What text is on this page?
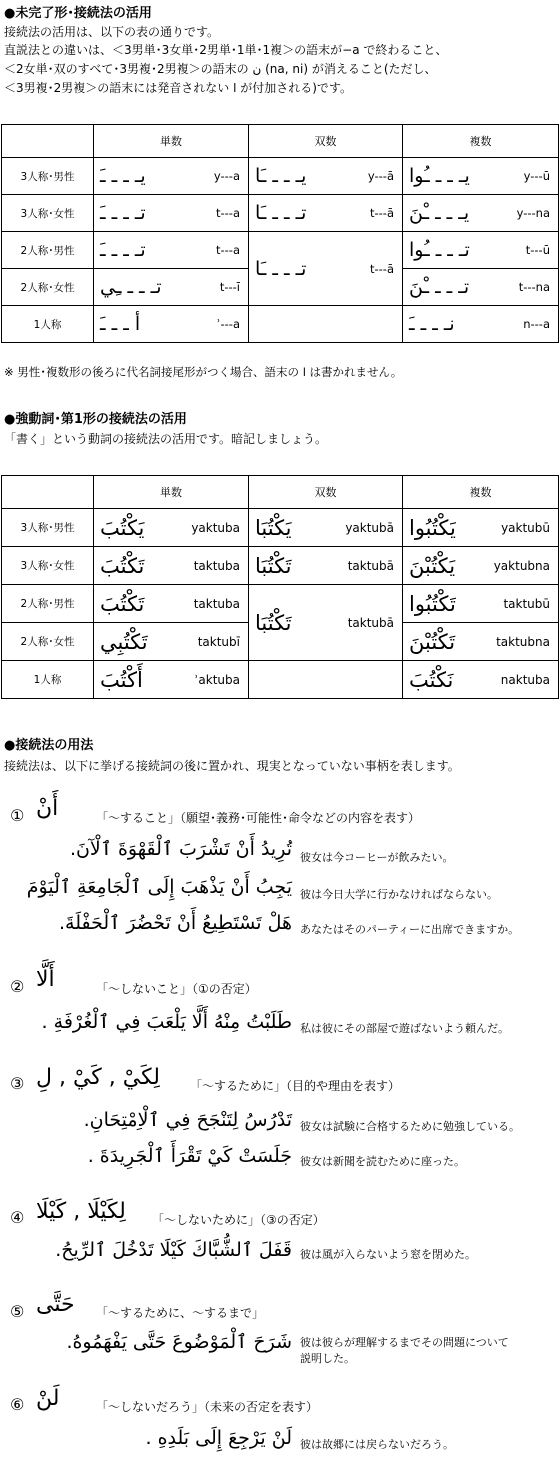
●未完了形･接続法の活用
接続法の活用は、以下の表の通りです。
直説法との違いは、＜3男単･3女単･2男単･1単･1複＞の語末が−a で終わること、
＜2女単･双のすべて･3男複･2男複＞の語末の ن (na, ni) が消えること(ただし、
＜3男複･2男複＞の語末には発音されない ا が付加される)です。
	単数	双数	複数
3人称･男性	يـ ـ ـ ـَ y---a	يـ ـ ـ ـَا y---ā	يـ ـ ـ ـُوا y---ū

3人称･女性	تـ ـ ـ ـَ t---a	تـ ـ ـ ـَا t---ā	يـ ـ ـ ـْنَ y---na

2人称･男性	تـ ـ ـ ـَ t---a	تـ ـ ـ ـَا t---ā	تـ ـ ـ ـُوا t---ū

2人称･女性	تـ ـ ـ ـِي t---ī		تـ ـ ـ ـْنَ t---na

1人称	أ ـ ـ ـَ ʾ---a		نـ ـ ـ ـَ n---a
※ 男性･複数形の後ろに代名詞接尾形がつく場合、語末の ا は書かれません。
●強動詞･第1形の接続法の活用
「書く」という動詞の接続法の活用です。暗記しましょう。
	単数	双数	複数
3人称･男性	يَكْتُبَ yaktuba	يَكْتُبَا yaktubā	يَكْتُبُوا yaktubū

3人称･女性	تَكْتُبَ taktuba	تَكْتُبَا taktubā	يَكْتُبْنَ yaktubna

2人称･男性	تَكْتُبَ taktuba	تَكْتُبَا taktubā	تَكْتُبُوا taktubū

2人称･女性	تَكْتُبِي taktubī		تَكْتُبْنَ taktubna

1人称	أَكْتُبَ ʾaktuba		نَكْتُبَ naktuba
●接続法の用法
接続法は、以下に挙げる接続詞の後に置かれ、現実となっていない事柄を表します。
① أَنْ	「～すること」（願望･義務･可能性･命令などの内容を表す）
تُرِيدُ أَنْ تَشْرَبَ ٱلْقَهْوَةَ ٱلْآنَ. 彼女は今コーヒーが飲みたい。
يَجِبُ أَنْ يَذْهَبَ إِلَى ٱلْجَامِعَةِ ٱلْيَوْمَ 彼は今日大学に行かなければならない。
هَلْ تَسْتَطِيعُ أَنْ تَحْضُرَ ٱلْحَفْلَةَ. あなたはそのパーティーに出席できますか。
② أَلَّا	「～しないこと」（①の否定）
طَلَبْتُ مِنْهُ أَلَّا يَلْعَبَ فِي ٱلْغُرْفَةِ . 私は彼にその部屋で遊ばないよう頼んだ。
③ لِكَيْ , كَيْ , لِ	「～するために」（目的や理由を表す）
تَدْرُسُ لِتَنْجَحَ فِي ٱلْاِمْتِحَانِ. 彼女は試験に合格するために勉強している。
جَلَسَتْ كَيْ تَقْرَأَ ٱلْجَرِيدَةَ . 彼女は新聞を読むために座った。
④ لِكَيْلَا , كَيْلَا 「～しないために」（③の否定）
قَفَلَ ٱلشُّبَّاكَ كَيْلَا تَدْخُلَ ٱلرِّيحُ. 彼は風が入らないよう窓を閉めた。
⑤ حَتَّى 「～するために、～するまで」
شَرَحَ ٱلْمَوْضُوعَ حَتَّى يَفْهَمُوهُ. 彼は彼らが理解するまでその問題について
説明した。
⑥ لَنْ	「～しないだろう」（未来の否定を表す）
لَنْ يَرْجِعَ إِلَى بَلَدِهِ . 彼は故郷には戻らないだろう。
